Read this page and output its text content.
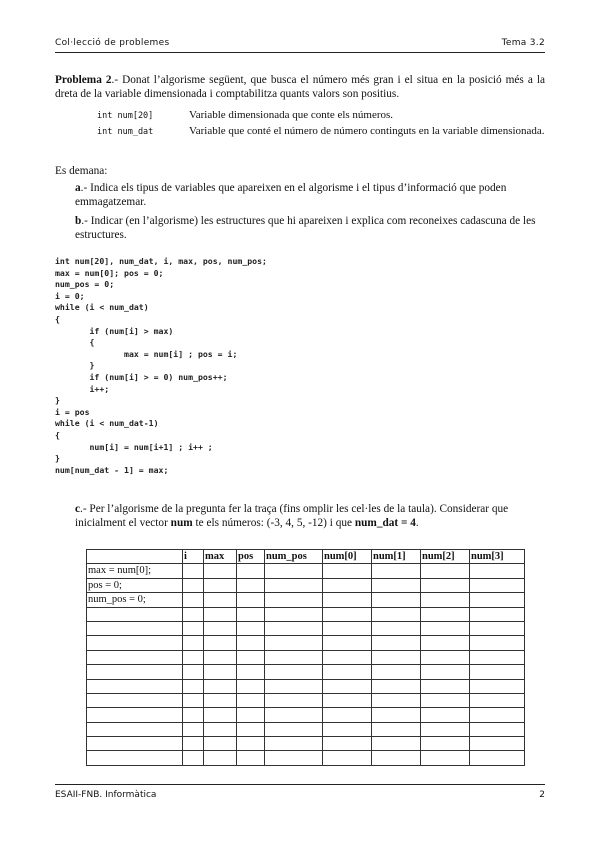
Col·lecció de problemes	Tema 3.2
Problema 2.- Donat l’algorisme següent, que busca el número més gran i el situa en la posició més a la dreta de la variable dimensionada i comptabilitza quants valors son positius.
int num[20]	Variable dimensionada que conte els números.
int num_dat	Variable que conté el número de número continguts en la variable dimensionada.
Es demana:
a.- Indica els tipus de variables que apareixen en el algorisme i el tipus d’informació que poden emmagatzemar.
b.- Indicar (en l’algorisme) les estructures que hi apareixen i explica com reconeixes cadascuna de les estructures.
int num[20], num_dat, i, max, pos, num_pos;
max = num[0]; pos = 0;
num_pos = 0;
i = 0;
while (i < num_dat)
{
if (num[i] > max)
{
max = num[i] ; pos = i;
}
if (num[i] > = 0) num_pos++;
i++;
}
i = pos
while (i < num_dat-1)
{
num[i] = num[i+1] ; i++ ;
}
num[num_dat - 1] = max;
c.- Per l’algorisme de la pregunta fer la traça (fins omplir les cel·les de la taula). Considerar que inicialment el vector num te els números: (-3, 4, 5, -12) i que num_dat = 4.
	i	max	pos	num_pos	num[0]	num[1]	num[2]	num[3]
max = num[0];								
pos = 0;								
num_pos = 0;								

ESAII-FNB. Informàtica	2
